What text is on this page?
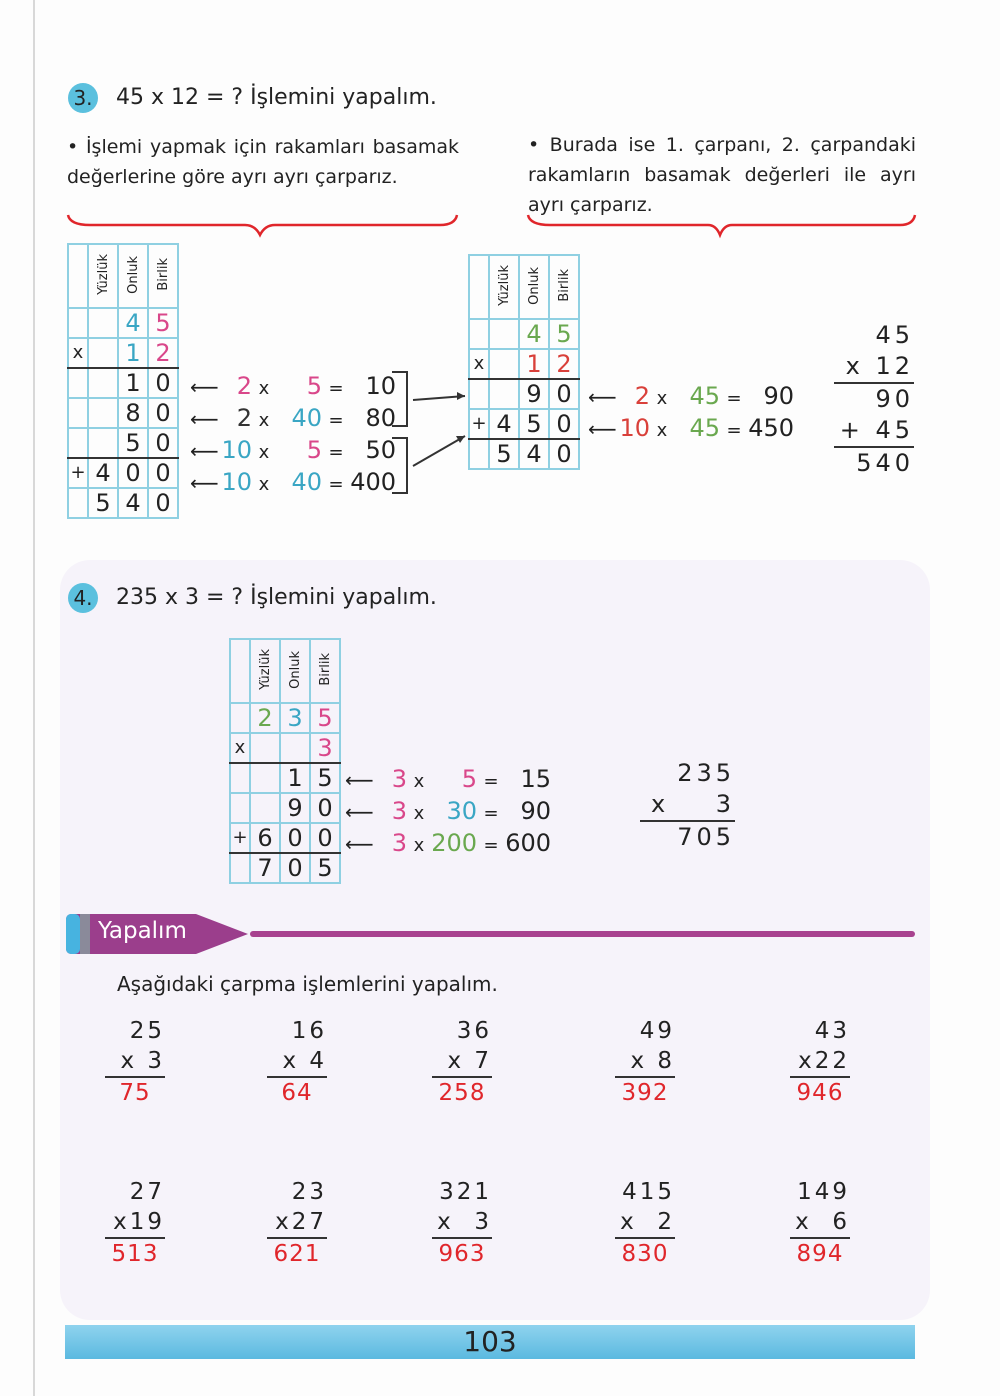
3. 45 x 12 = ? İşlemini yapalım.
• İşlemi yapmak için rakamları basamak değerlerine göre ayrı ayrı çarparız.
• Burada ise 1. çarpanı, 2. çarpandaki rakamların basamak değerleri ile ayrı ayrı çarparız.
	Yüzlük	Onluk	Birlik
		4	5
x		1	2
		1	0
		8	0
		5	0
+	4	0	0
	5	4	0
	Yüzlük	Onluk	Birlik
		4	5
x		1	2
		9	0
+	4	5	0
	5	4	0
45
x 12
90
+ 45
540
4. 235 x 3 = ? İşlemini yapalım.
	Yüzlük	Onluk	Birlik
	2	3	5
x			3
		1	5
		9	0
+	6	0	0
	7	0	5
235
x    3
705
Yapalım
Aşağıdaki çarpma işlemlerini yapalım.
25
x 3
75
16
x 4
64
36
x 7
258
49
x 8
392
43
x22
946
27
x19
513
23
x27
621
321
x  3
963
415
x  2
830
149
x  6
894
103
⟵ 2 x	5 = 10
⟵ 2 x 40 = 80
⟵ 10 x	5 = 50
⟵ 10 x 40 = 400
⟵ 2 x 45 = 90
⟵ 10 x 45 = 450
⟵ 3 x	5 = 15
⟵ 3 x 30 = 90
⟵ 3 x 200 = 600
